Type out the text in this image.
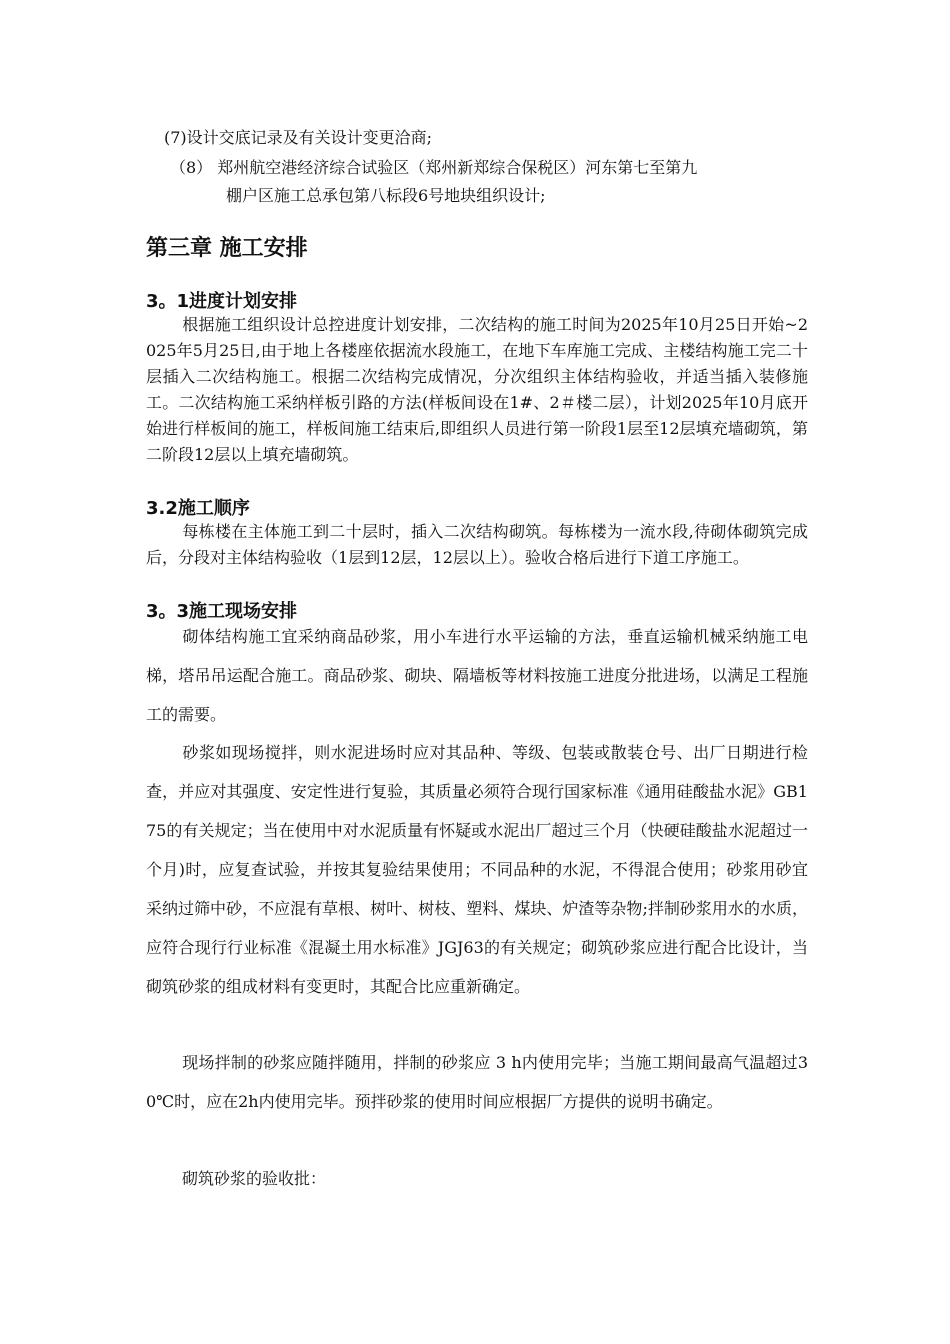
(7)设计交底记录及有关设计变更洽商;
（8） 郑州航空港经济综合试验区（郑州新郑综合保税区）河东第七至第九
棚户区施工总承包第八标段6号地块组织设计;
第三章 施工安排
3。1进度计划安排

根据施工组织设计总控进度计划安排，二次结构的施工时间为2025年10月25日开始~2025年5月25日,由于地上各楼座依据流水段施工，在地下车库施工完成、主楼结构施工完二十层插入二次结构施工。根据二次结构完成情况，分次组织主体结构验收，并适当插入装修施工。二次结构施工采纳样板引路的方法(样板间设在1#、2＃楼二层），计划2025年10月底开始进行样板间的施工，样板间施工结束后,即组织人员进行第一阶段1层至12层填充墙砌筑，第二阶段12层以上填充墙砌筑。

3.2施工顺序

每栋楼在主体施工到二十层时，插入二次结构砌筑。每栋楼为一流水段,待砌体砌筑完成后，分段对主体结构验收（1层到12层，12层以上）。验收合格后进行下道工序施工。

3。3施工现场安排

砌体结构施工宜采纳商品砂浆，用小车进行水平运输的方法，垂直运输机械采纳施工电梯，塔吊吊运配合施工。商品砂浆、砌块、隔墙板等材料按施工进度分批进场，以满足工程施工的需要。

砂浆如现场搅拌，则水泥进场时应对其品种、等级、包装或散装仓号、出厂日期进行检查，并应对其强度、安定性进行复验，其质量必须符合现行国家标准《通用硅酸盐水泥》GB175的有关规定；当在使用中对水泥质量有怀疑或水泥出厂超过三个月（快硬硅酸盐水泥超过一个月)时，应复查试验，并按其复验结果使用；不同品种的水泥，不得混合使用；砂浆用砂宜采纳过筛中砂，不应混有草根、树叶、树枝、塑料、煤块、炉渣等杂物;拌制砂浆用水的水质，应符合现行行业标准《混凝土用水标准》JGJ63的有关规定；砌筑砂浆应进行配合比设计，当砌筑砂浆的组成材料有变更时，其配合比应重新确定。

现场拌制的砂浆应随拌随用，拌制的砂浆应 3 h内使用完毕；当施工期间最高气温超过30℃时，应在2h内使用完毕。预拌砂浆的使用时间应根据厂方提供的说明书确定。

砌筑砂浆的验收批：
